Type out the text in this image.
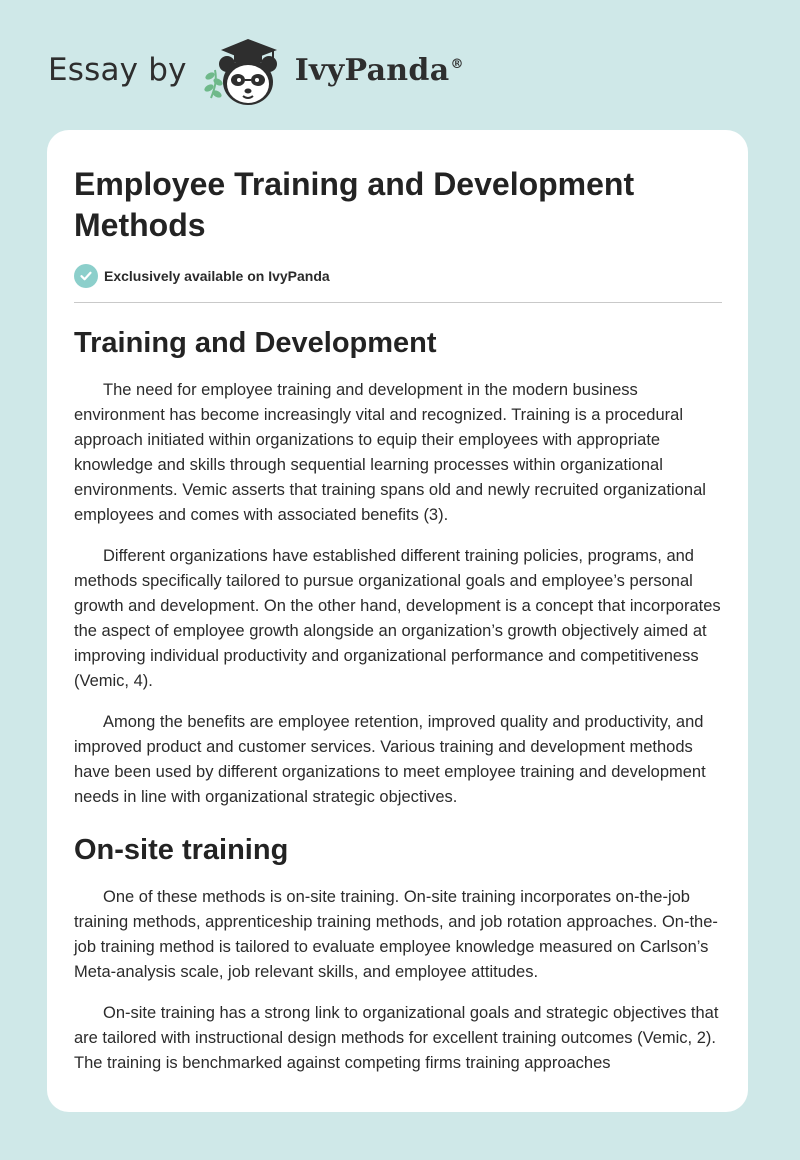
Essay by	IvyPanda®
Employee Training and Development Methods
Exclusively available on IvyPanda
Training and Development

The need for employee training and development in the modern business environment has become increasingly vital and recognized. Training is a procedural approach initiated within organizations to equip their employees with appropriate knowledge and skills through sequential learning processes within organizational environments. Vemic asserts that training spans old and newly recruited organizational employees and comes with associated benefits (3).

Different organizations have established different training policies, programs, and methods specifically tailored to pursue organizational goals and employee’s personal growth and development. On the other hand, development is a concept that incorporates the aspect of employee growth alongside an organization’s growth objectively aimed at improving individual productivity and organizational performance and competitiveness (Vemic, 4).

Among the benefits are employee retention, improved quality and productivity, and improved product and customer services. Various training and development methods have been used by different organizations to meet employee training and development needs in line with organizational strategic objectives.

On-site training

One of these methods is on-site training. On-site training incorporates on-the-job training methods, apprenticeship training methods, and job rotation approaches. On-the-job training method is tailored to evaluate employee knowledge measured on Carlson’s Meta-analysis scale, job relevant skills, and employee attitudes.

On-site training has a strong link to organizational goals and strategic objectives that are tailored with instructional design methods for excellent training outcomes (Vemic, 2). The training is benchmarked against competing firms training approaches
